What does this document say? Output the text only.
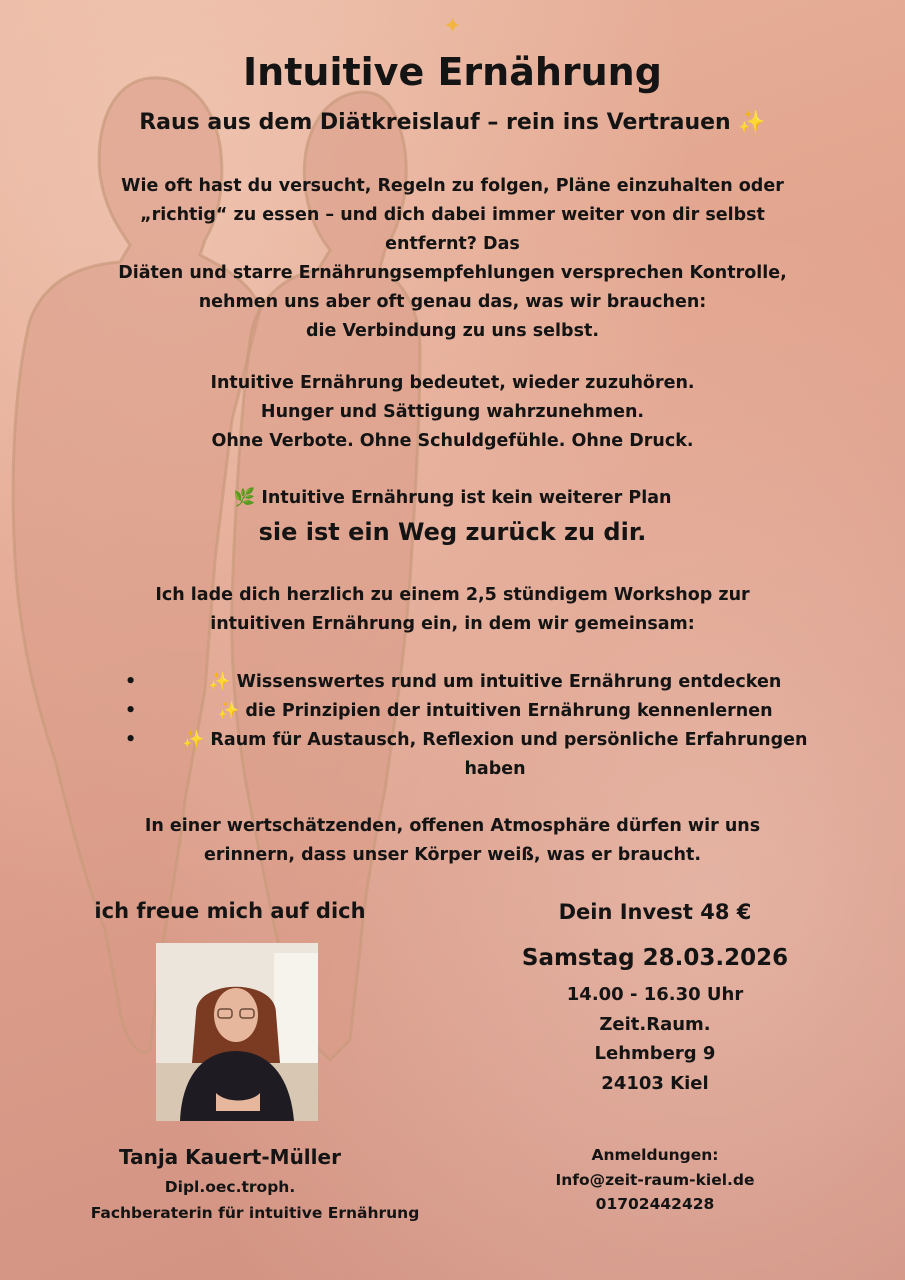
✦
Intuitive Ernährung
Raus aus dem Diätkreislauf – rein ins Vertrauen ✨
Wie oft hast du versucht, Regeln zu folgen, Pläne einzuhalten oder
„richtig“ zu essen – und dich dabei immer weiter von dir selbst
entfernt? Das
Diäten und starre Ernährungsempfehlungen versprechen Kontrolle,
nehmen uns aber oft genau das, was wir brauchen:
die Verbindung zu uns selbst.
Intuitive Ernährung bedeutet, wieder zuzuhören.
Hunger und Sättigung wahrzunehmen.
Ohne Verbote. Ohne Schuldgefühle. Ohne Druck.
🌿 Intuitive Ernährung ist kein weiterer Plan
sie ist ein Weg zurück zu dir.
Ich lade dich herzlich zu einem 2,5 stündigem Workshop zur
intuitiven Ernährung ein, in dem wir gemeinsam:
•	✨ Wissenswertes rund um intuitive Ernährung entdecken
•	✨ die Prinzipien der intuitiven Ernährung kennenlernen
•	✨ Raum für Austausch, Reflexion und persönliche Erfahrungen
haben
In einer wertschätzenden, offenen Atmosphäre dürfen wir uns
erinnern, dass unser Körper weiß, was er braucht.
ich freue mich auf dich
Tanja Kauert-Müller
Dipl.oec.troph.
Fachberaterin für intuitive Ernährung
Dein Invest 48 €
Samstag 28.03.2026
14.00 - 16.30 Uhr
Zeit.Raum.
Lehmberg 9
24103 Kiel
Anmeldungen:
Info@zeit-raum-kiel.de
01702442428
